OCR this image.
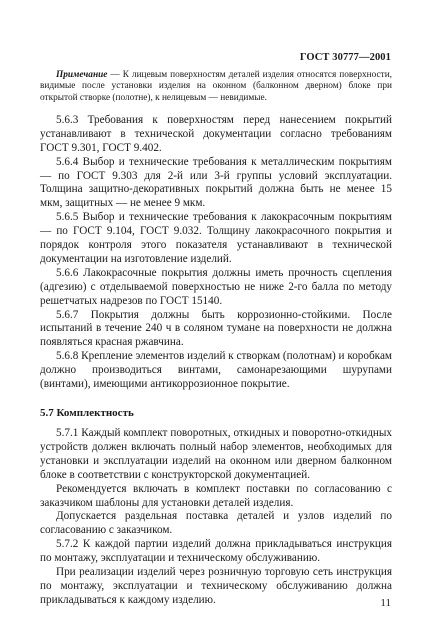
ГОСТ 30777—2001

Примечание — К лицевым поверхностям деталей изделия относятся поверхности, видимые после установки изделия на оконном (балконном дверном) блоке при открытой створке (полотне), к нелицевым — невидимые.

5.6.3 Требования к поверхностям перед нанесением покрытий устанавливают в технической документации согласно требованиям ГОСТ 9.301, ГОСТ 9.402.

5.6.4 Выбор и технические требования к металлическим покрытиям — по ГОСТ 9.303 для 2-й или 3-й группы условий эксплуатации. Толщина защитно-декоративных покрытий должна быть не менее 15 мкм, защитных — не менее 9 мкм.

5.6.5 Выбор и технические требования к лакокрасочным покрытиям — по ГОСТ 9.104, ГОСТ 9.032. Толщину лакокрасочного покрытия и порядок контроля этого показателя устанавливают в технической документации на изготовление изделий.

5.6.6 Лакокрасочные покрытия должны иметь прочность сцепления (адгезию) с отделываемой поверхностью не ниже 2-го балла по методу решетчатых надрезов по ГОСТ 15140.

5.6.7 Покрытия должны быть коррозионно-стойкими. После испытаний в течение 240 ч в соляном тумане на поверхности не должна появляться красная ржавчина.

5.6.8 Крепление элементов изделий к створкам (полотнам) и коробкам должно производиться винтами, самонарезающими шурупами (винтами), имеющими антикоррозионное покрытие.

5.7 Комплектность

5.7.1 Каждый комплект поворотных, откидных и поворотно-откидных устройств должен включать полный набор элементов, необходимых для установки и эксплуатации изделий на оконном или дверном балконном блоке в соответствии с конструкторской документацией.

Рекомендуется включать в комплект поставки по согласованию с заказчиком шаблоны для установки деталей изделия.

Допускается раздельная поставка деталей и узлов изделий по согласованию с заказчиком.

5.7.2 К каждой партии изделий должна прикладываться инструкция по монтажу, эксплуатации и техническому обслуживанию.

При реализации изделий через розничную торговую сеть инструкция по монтажу, эксплуатации и техническому обслуживанию должна прикладываться к каждому изделию.	11
